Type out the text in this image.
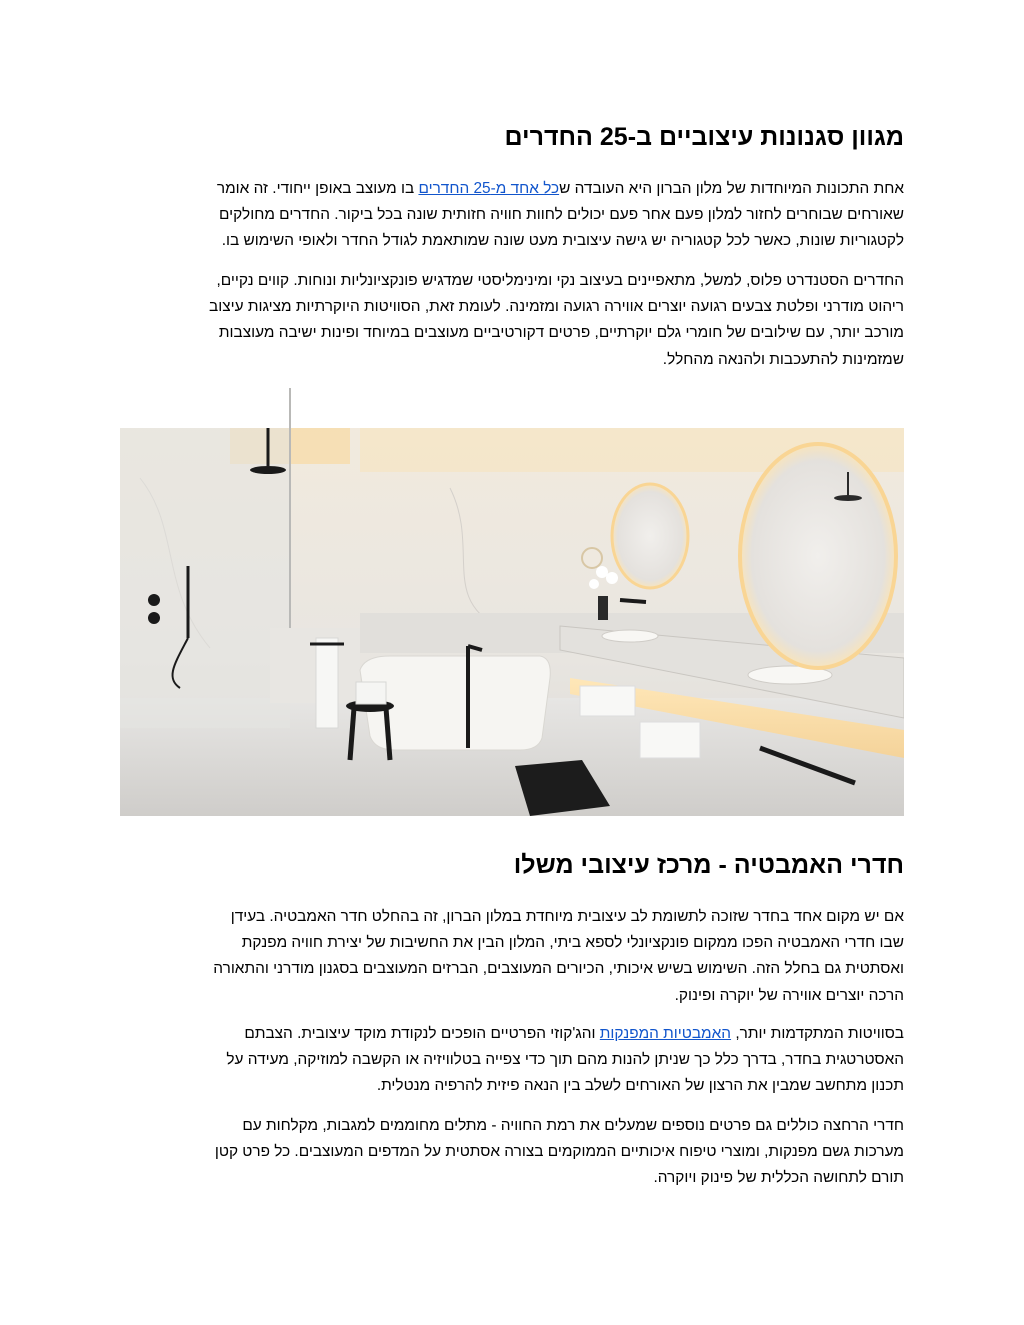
מגוון סגנונות עיצוביים ב-25 החדרים
אחת התכונות המיוחדות של מלון הברון היא העובדה שכל אחד מ-25 החדרים בו מעוצב באופן ייחודי. זה אומר
שאורחים שבוחרים לחזור למלון פעם אחר פעם יכולים לחוות חוויה חזותית שונה בכל ביקור. החדרים מחולקים
לקטגוריות שונות, כאשר לכל קטגוריה יש גישה עיצובית מעט שונה שמותאמת לגודל החדר ולאופי השימוש בו.
החדרים הסטנדרט פלוס, למשל, מתאפיינים בעיצוב נקי ומינימליסטי שמדגיש פונקציונליות ונוחות. קווים נקיים,
ריהוט מודרני ופלטת צבעים רגועה יוצרים אווירה רגועה ומזמינה. לעומת זאת, הסוויטות היוקרתיות מציגות עיצוב
מורכב יותר, עם שילובים של חומרי גלם יוקרתיים, פרטים דקורטיביים מעוצבים במיוחד ופינות ישיבה מעוצבות
שמזמינות להתעכבות ולהנאה מהחלל.
חדרי האמבטיה - מרכז עיצובי משלו
אם יש מקום אחד בחדר שזוכה לתשומת לב עיצובית מיוחדת במלון הברון, זה בהחלט חדר האמבטיה. בעידן
שבו חדרי האמבטיה הפכו ממקום פונקציונלי לספא ביתי, המלון הבין את החשיבות של יצירת חוויה מפנקת
ואסתטית גם בחלל הזה. השימוש בשיש איכותי, הכיורים המעוצבים, הברזים המעוצבים בסגנון מודרני והתאורה
הרכה יוצרים אווירה של יוקרה ופינוק.
בסוויטות המתקדמות יותר, האמבטיות המפנקות והג'קוזי הפרטיים הופכים לנקודת מוקד עיצובית. הצבתם
האסטרטגית בחדר, בדרך כלל כך שניתן להנות מהם תוך כדי צפייה בטלוויזיה או הקשבה למוזיקה, מעידה על
תכנון מתחשב שמבין את הרצון של האורחים לשלב בין הנאה פיזית להרפיה מנטלית.
חדרי הרחצה כוללים גם פרטים נוספים שמעלים את רמת החוויה - מתלים מחוממים למגבות, מקלחות עם
מערכות גשם מפנקות, ומוצרי טיפוח איכותיים הממוקמים בצורה אסתטית על המדפים המעוצבים. כל פרט קטן
תורם לתחושה הכללית של פינוק ויוקרה.
